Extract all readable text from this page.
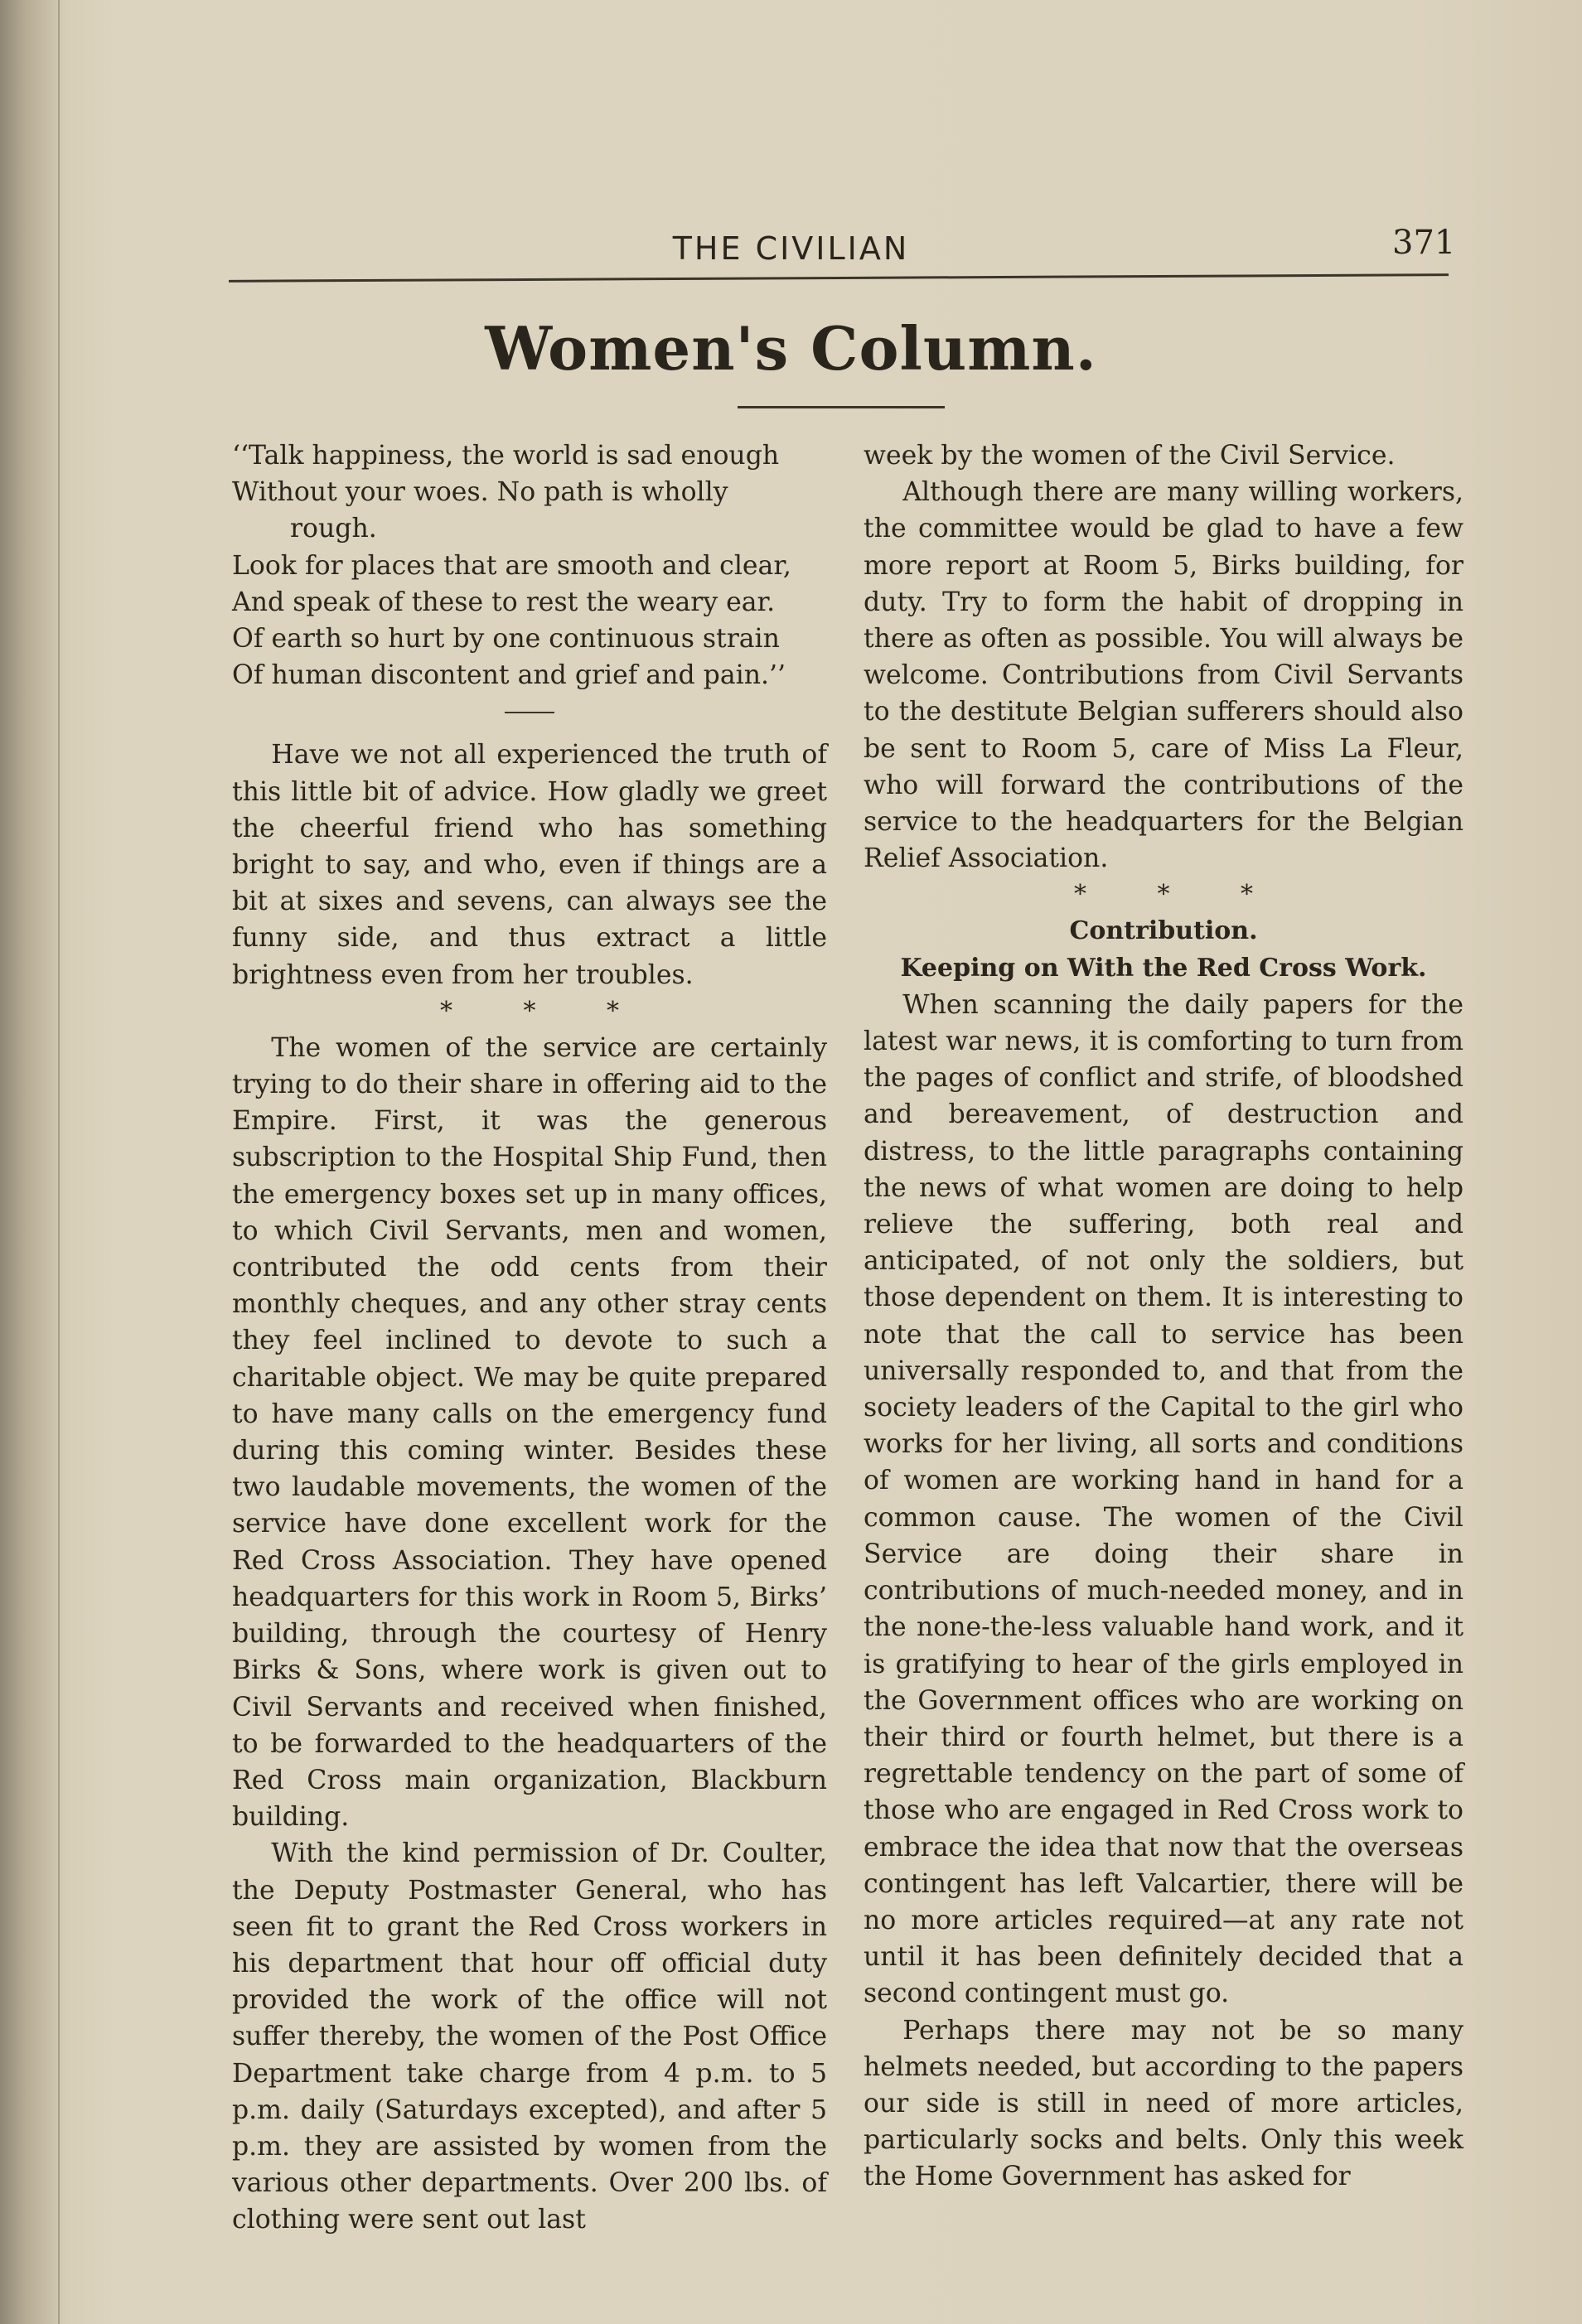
THE CIVILIAN	371
Women's Column.
‘‘Talk happiness, the world is sad enough
Without your woes. No path is wholly
rough.
Look for places that are smooth and clear,
And speak of these to rest the weary ear.
Of earth so hurt by one continuous strain
Of human discontent and grief and pain.’’

Have we not all experienced the truth of this little bit of advice. How gladly we greet the cheerful friend who has something bright to say, and who, even if things are a bit at sixes and sevens, can always see the funny side, and thus extract a little brightness even from her troubles.

* * *

The women of the service are certainly trying to do their share in offering aid to the Empire. First, it was the generous subscription to the Hospital Ship Fund, then the emergency boxes set up in many offices, to which Civil Servants, men and women, contributed the odd cents from their monthly cheques, and any other stray cents they feel inclined to devote to such a charitable object. We may be quite prepared to have many calls on the emergency fund during this coming winter. Besides these two laudable movements, the women of the service have done excellent work for the Red Cross Association. They have opened headquarters for this work in Room 5, Birks’ building, through the courtesy of Henry Birks & Sons, where work is given out to Civil Servants and received when finished, to be forwarded to the headquarters of the Red Cross main organization, Blackburn building.

With the kind permission of Dr. Coulter, the Deputy Postmaster General, who has seen fit to grant the Red Cross workers in his department that hour off official duty provided the work of the office will not suffer thereby, the women of the Post Office Department take charge from 4 p.m. to 5 p.m. daily (Saturdays excepted), and after 5 p.m. they are assisted by women from the various other departments. Over 200 lbs. of clothing were sent out last

week by the women of the Civil Service.

Although there are many willing workers, the committee would be glad to have a few more report at Room 5, Birks building, for duty. Try to form the habit of dropping in there as often as possible. You will always be welcome. Contributions from Civil Servants to the destitute Belgian sufferers should also be sent to Room 5, care of Miss La Fleur, who will forward the contributions of the service to the headquarters for the Belgian Relief Association.

* * *
Contribution.
Keeping on With the Red Cross Work.

When scanning the daily papers for the latest war news, it is comforting to turn from the pages of conflict and strife, of bloodshed and bereavement, of destruction and distress, to the little paragraphs containing the news of what women are doing to help relieve the suffering, both real and anticipated, of not only the soldiers, but those dependent on them. It is interesting to note that the call to service has been universally responded to, and that from the society leaders of the Capital to the girl who works for her living, all sorts and conditions of women are working hand in hand for a common cause. The women of the Civil Service are doing their share in contributions of much-needed money, and in the none-the-less valuable hand work, and it is gratifying to hear of the girls employed in the Government offices who are working on their third or fourth helmet, but there is a regrettable tendency on the part of some of those who are engaged in Red Cross work to embrace the idea that now that the overseas contingent has left Valcartier, there will be no more articles required—at any rate not until it has been definitely decided that a second contingent must go.

Perhaps there may not be so many helmets needed, but according to the papers our side is still in need of more articles, particularly socks and belts. Only this week the Home Government has asked for
